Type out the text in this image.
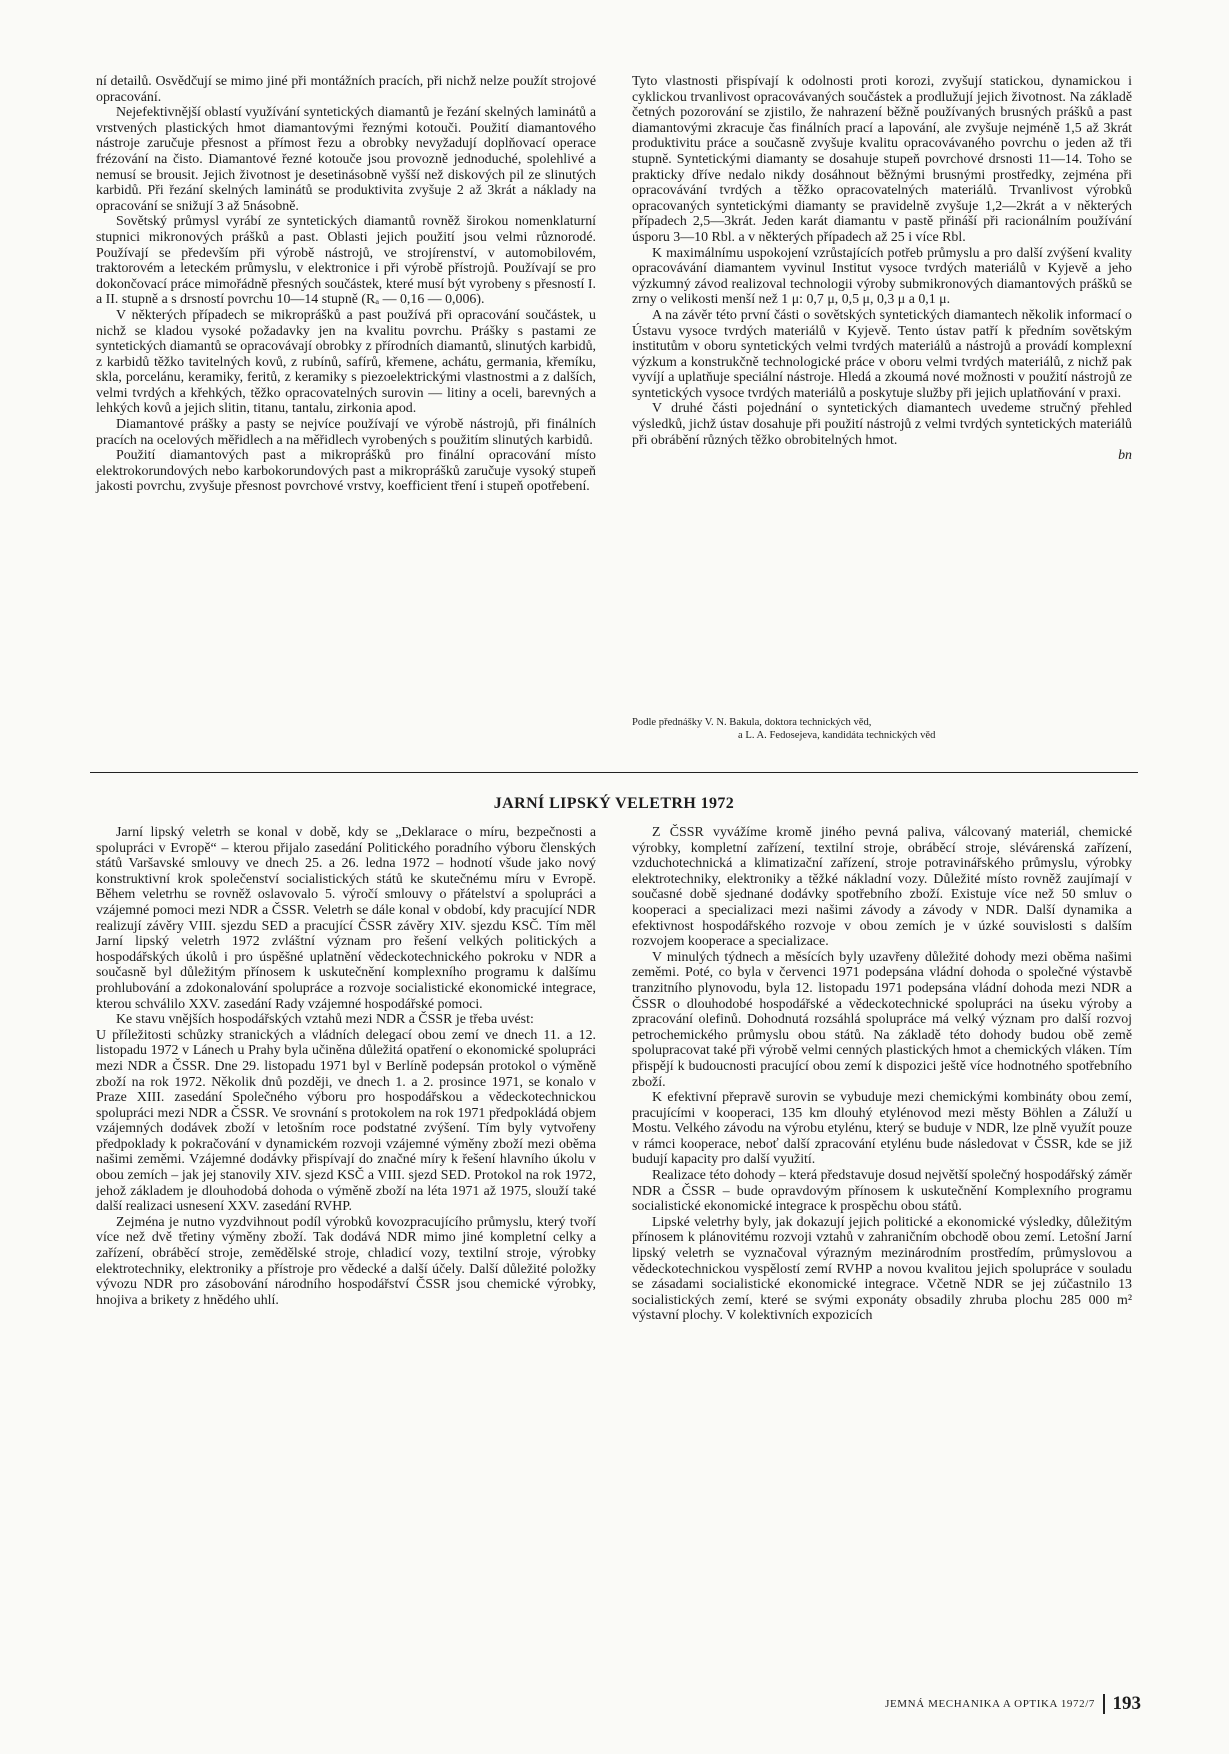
ní detailů. Osvědčují se mimo jiné při montážních pracích, při nichž nelze použít strojové opracování.

Nejefektivnější oblastí využívání syntetických diamantů je řezání skelných laminátů a vrstvených plastických hmot diamantovými řeznými kotouči. Použití diamantového nástroje zaručuje přesnost a přímost řezu a obrobky nevyžadují doplňovací operace frézování na čisto. Diamantové řezné kotouče jsou provozně jednoduché, spolehlivé a nemusí se brousit. Jejich životnost je desetinásobně vyšší než diskových pil ze slinutých karbidů. Při řezání skelných laminátů se produktivita zvyšuje 2 až 3krát a náklady na opracování se snižují 3 až 5násobně.

Sovětský průmysl vyrábí ze syntetických diamantů rovněž širokou nomenklaturní stupnici mikronových prášků a past. Oblasti jejich použití jsou velmi různorodé. Používají se především při výrobě nástrojů, ve strojírenství, v automobilovém, traktorovém a leteckém průmyslu, v elektronice i při výrobě přístrojů. Používají se pro dokončovací práce mimořádně přesných součástek, které musí být vyrobeny s přesností I. a II. stupně a s drsností povrchu 10—14 stupně (Rₐ — 0,16 — 0,006).

V některých případech se mikroprášků a past používá při opracování součástek, u nichž se kladou vysoké požadavky jen na kvalitu povrchu. Prášky s pastami ze syntetických diamantů se opracovávají obrobky z přírodních diamantů, slinutých karbidů, z karbidů těžko tavitelných kovů, z rubínů, safírů, křemene, achátu, germania, křemíku, skla, porcelánu, keramiky, feritů, z keramiky s piezoelektrickými vlastnostmi a z dalších, velmi tvrdých a křehkých, těžko opracovatelných surovin — litiny a oceli, barevných a lehkých kovů a jejich slitin, titanu, tantalu, zirkonia apod.

Diamantové prášky a pasty se nejvíce používají ve výrobě nástrojů, při finálních pracích na ocelových měřidlech a na měřidlech vyrobených s použitím slinutých karbidů.

Použití diamantových past a mikroprášků pro finální opracování místo elektrokorundových nebo karbokorundových past a mikroprášků zaručuje vysoký stupeň jakosti povrchu, zvyšuje přesnost povrchové vrstvy, koefficient tření i stupeň opotřebení.

Tyto vlastnosti přispívají k odolnosti proti korozi, zvyšují statickou, dynamickou i cyklickou trvanlivost opracovávaných součástek a prodlužují jejich životnost. Na základě četných pozorování se zjistilo, že nahrazení běžně používaných brusných prášků a past diamantovými zkracuje čas finálních prací a lapování, ale zvyšuje nejméně 1,5 až 3krát produktivitu práce a současně zvyšuje kvalitu opracovávaného povrchu o jeden až tři stupně. Syntetickými diamanty se dosahuje stupeň povrchové drsnosti 11—14. Toho se prakticky dříve nedalo nikdy dosáhnout běžnými brusnými prostředky, zejména při opracovávání tvrdých a těžko opracovatelných materiálů. Trvanlivost výrobků opracovaných syntetickými diamanty se pravidelně zvyšuje 1,2—2krát a v některých případech 2,5—3krát. Jeden karát diamantu v pastě přináší při racionálním používání úsporu 3—10 Rbl. a v některých případech až 25 i více Rbl.

K maximálnímu uspokojení vzrůstajících potřeb průmyslu a pro další zvýšení kvality opracovávání diamantem vyvinul Institut vysoce tvrdých materiálů v Kyjevě a jeho výzkumný závod realizoval technologii výroby submikronových diamantových prášků se zrny o velikosti menší než 1 μ: 0,7 μ, 0,5 μ, 0,3 μ a 0,1 μ.

A na závěr této první části o sovětských syntetických diamantech několik informací o Ústavu vysoce tvrdých materiálů v Kyjevě. Tento ústav patří k předním sovětským institutům v oboru syntetických velmi tvrdých materiálů a nástrojů a provádí komplexní výzkum a konstrukčně technologické práce v oboru velmi tvrdých materiálů, z nichž pak vyvíjí a uplatňuje speciální nástroje. Hledá a zkoumá nové možnosti v použití nástrojů ze syntetických vysoce tvrdých materiálů a poskytuje služby při jejich uplatňování v praxi.

V druhé části pojednání o syntetických diamantech uvedeme stručný přehled výsledků, jichž ústav dosahuje při použití nástrojů z velmi tvrdých syntetických materiálů při obrábění různých těžko obrobitelných hmot.

bn
Podle přednášky V. N. Bakula, doktora technických věd,
a L. A. Fedosejeva, kandidáta technických věd
JARNÍ LIPSKÝ VELETRH 1972

Jarní lipský veletrh se konal v době, kdy se „Deklarace o míru, bezpečnosti a spolupráci v Evropě“ – kterou přijalo zasedání Politického poradního výboru členských států Varšavské smlouvy ve dnech 25. a 26. ledna 1972 – hodnotí všude jako nový konstruktivní krok společenství socialistických států ke skutečnému míru v Evropě. Během veletrhu se rovněž oslavovalo 5. výročí smlouvy o přátelství a spolupráci a vzájemné pomoci mezi NDR a ČSSR. Veletrh se dále konal v období, kdy pracující NDR realizují závěry VIII. sjezdu SED a pracující ČSSR závěry XIV. sjezdu KSČ. Tím měl Jarní lipský veletrh 1972 zvláštní význam pro řešení velkých politických a hospodářských úkolů i pro úspěšné uplatnění vědeckotechnického pokroku v NDR a současně byl důležitým přínosem k uskutečnění komplexního programu k dalšímu prohlubování a zdokonalování spolupráce a rozvoje socialistické ekonomické integrace, kterou schválilo XXV. zasedání Rady vzájemné hospodářské pomoci.

Ke stavu vnějších hospodářských vztahů mezi NDR a ČSSR je třeba uvést:

U příležitosti schůzky stranických a vládních delegací obou zemí ve dnech 11. a 12. listopadu 1972 v Lánech u Prahy byla učiněna důležitá opatření o ekonomické spolupráci mezi NDR a ČSSR. Dne 29. listopadu 1971 byl v Berlíně podepsán protokol o výměně zboží na rok 1972. Několik dnů později, ve dnech 1. a 2. prosince 1971, se konalo v Praze XIII. zasedání Společného výboru pro hospodářskou a vědeckotechnickou spolupráci mezi NDR a ČSSR. Ve srovnání s protokolem na rok 1971 předpokládá objem vzájemných dodávek zboží v letošním roce podstatné zvýšení. Tím byly vytvořeny předpoklady k pokračování v dynamickém rozvoji vzájemné výměny zboží mezi oběma našimi zeměmi. Vzájemné dodávky přispívají do značné míry k řešení hlavního úkolu v obou zemích – jak jej stanovily XIV. sjezd KSČ a VIII. sjezd SED. Protokol na rok 1972, jehož základem je dlouhodobá dohoda o výměně zboží na léta 1971 až 1975, slouží také další realizaci usnesení XXV. zasedání RVHP.

Zejména je nutno vyzdvihnout podíl výrobků kovozpracujícího průmyslu, který tvoří více než dvě třetiny výměny zboží. Tak dodává NDR mimo jiné kompletní celky a zařízení, obráběcí stroje, zemědělské stroje, chladicí vozy, textilní stroje, výrobky elektrotechniky, elektroniky a přístroje pro vědecké a další účely. Další důležité položky vývozu NDR pro zásobování národního hospodářství ČSSR jsou chemické výrobky, hnojiva a brikety z hnědého uhlí.

Z ČSSR vyvážíme kromě jiného pevná paliva, válcovaný materiál, chemické výrobky, kompletní zařízení, textilní stroje, obráběcí stroje, slévárenská zařízení, vzduchotechnická a klimatizační zařízení, stroje potravinářského průmyslu, výrobky elektrotechniky, elektroniky a těžké nákladní vozy. Důležité místo rovněž zaujímají v současné době sjednané dodávky spotřebního zboží. Existuje více než 50 smluv o kooperaci a specializaci mezi našimi závody a závody v NDR. Další dynamika a efektivnost hospodářského rozvoje v obou zemích je v úzké souvislosti s dalším rozvojem kooperace a specializace.

V minulých týdnech a měsících byly uzavřeny důležité dohody mezi oběma našimi zeměmi. Poté, co byla v červenci 1971 podepsána vládní dohoda o společné výstavbě tranzitního plynovodu, byla 12. listopadu 1971 podepsána vládní dohoda mezi NDR a ČSSR o dlouhodobé hospodářské a vědeckotechnické spolupráci na úseku výroby a zpracování olefinů. Dohodnutá rozsáhlá spolupráce má velký význam pro další rozvoj petrochemického průmyslu obou států. Na základě této dohody budou obě země spolupracovat také při výrobě velmi cenných plastických hmot a chemických vláken. Tím přispějí k budoucnosti pracující obou zemí k dispozici ještě více hodnotného spotřebního zboží.

K efektivní přepravě surovin se vybuduje mezi chemickými kombináty obou zemí, pracujícími v kooperaci, 135 km dlouhý etylénovod mezi městy Böhlen a Záluží u Mostu. Velkého závodu na výrobu etylénu, který se buduje v NDR, lze plně využít pouze v rámci kooperace, neboť další zpracování etylénu bude následovat v ČSSR, kde se již budují kapacity pro další využití.

Realizace této dohody – která představuje dosud největší společný hospodářský záměr NDR a ČSSR – bude opravdovým přínosem k uskutečnění Komplexního programu socialistické ekonomické integrace k prospěchu obou států.

Lipské veletrhy byly, jak dokazují jejich politické a ekonomické výsledky, důležitým přínosem k plánovitému rozvoji vztahů v zahraničním obchodě obou zemí. Letošní Jarní lipský veletrh se vyznačoval výrazným mezinárodním prostředím, průmyslovou a vědeckotechnickou vyspělostí zemí RVHP a novou kvalitou jejich spolupráce v souladu se zásadami socialistické ekonomické integrace. Včetně NDR se jej zúčastnilo 13 socialistických zemí, které se svými exponáty obsadily zhruba plochu 285 000 m² výstavní plochy. V kolektivních expozicích

JEMNÁ MECHANIKA A OPTIKA 1972/7 193
